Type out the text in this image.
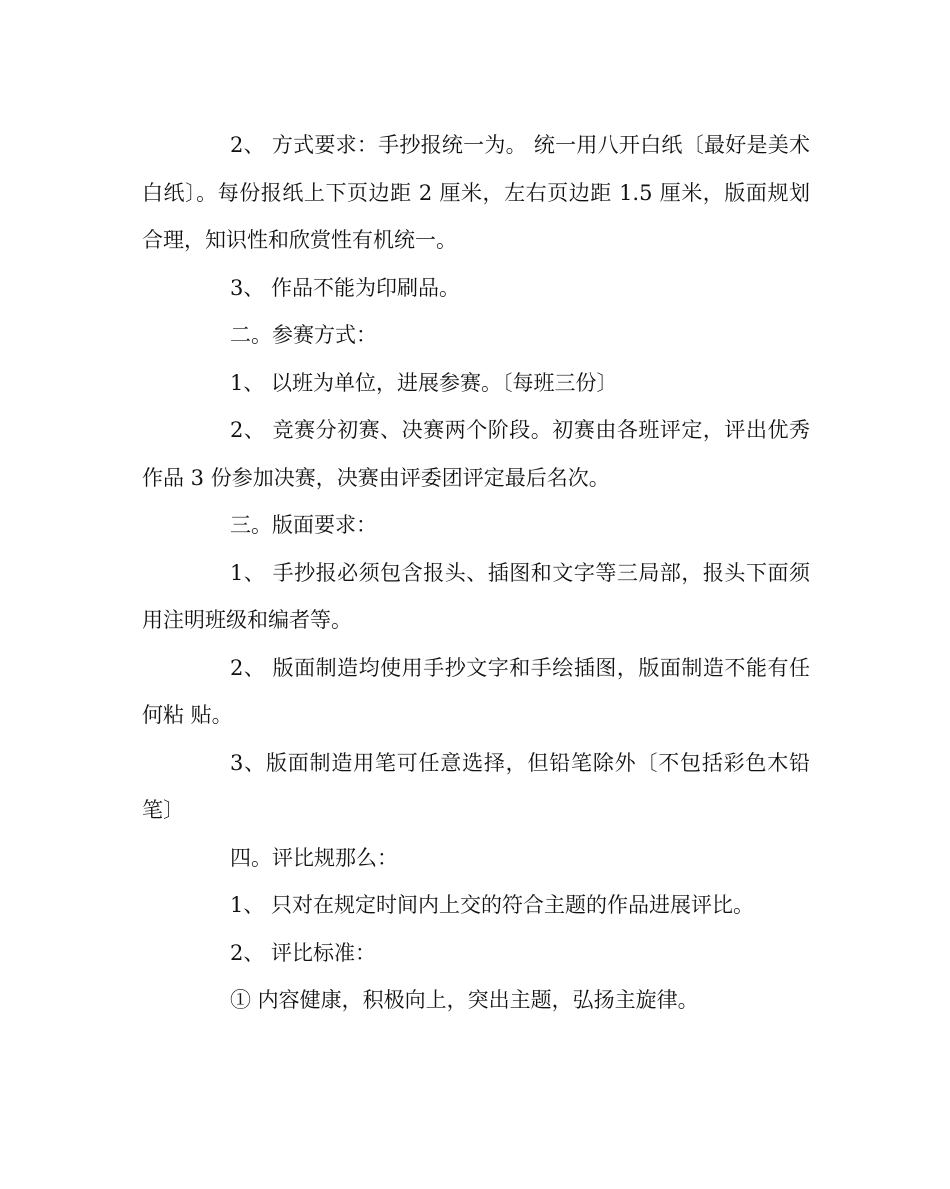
2、 方式要求：手抄报统一为。 统一用八开白纸〔最好是美术白纸〕。每份报纸上下页边距 2 厘米，左右页边距 1.5 厘米，版面规划合理，知识性和欣赏性有机统一。

3、 作品不能为印刷品。

二。参赛方式：

1、 以班为单位，进展参赛。〔每班三份〕

2、 竞赛分初赛、决赛两个阶段。初赛由各班评定，评出优秀作品 3 份参加决赛，决赛由评委团评定最后名次。

三。版面要求：

1、 手抄报必须包含报头、插图和文字等三局部，报头下面须用注明班级和编者等。

2、 版面制造均使用手抄文字和手绘插图，版面制造不能有任何粘 贴。

3、版面制造用笔可任意选择，但铅笔除外〔不包括彩色木铅笔〕

四。评比规那么：

1、 只对在规定时间内上交的符合主题的作品进展评比。

2、 评比标准：

① 内容健康，积极向上，突出主题，弘扬主旋律。
